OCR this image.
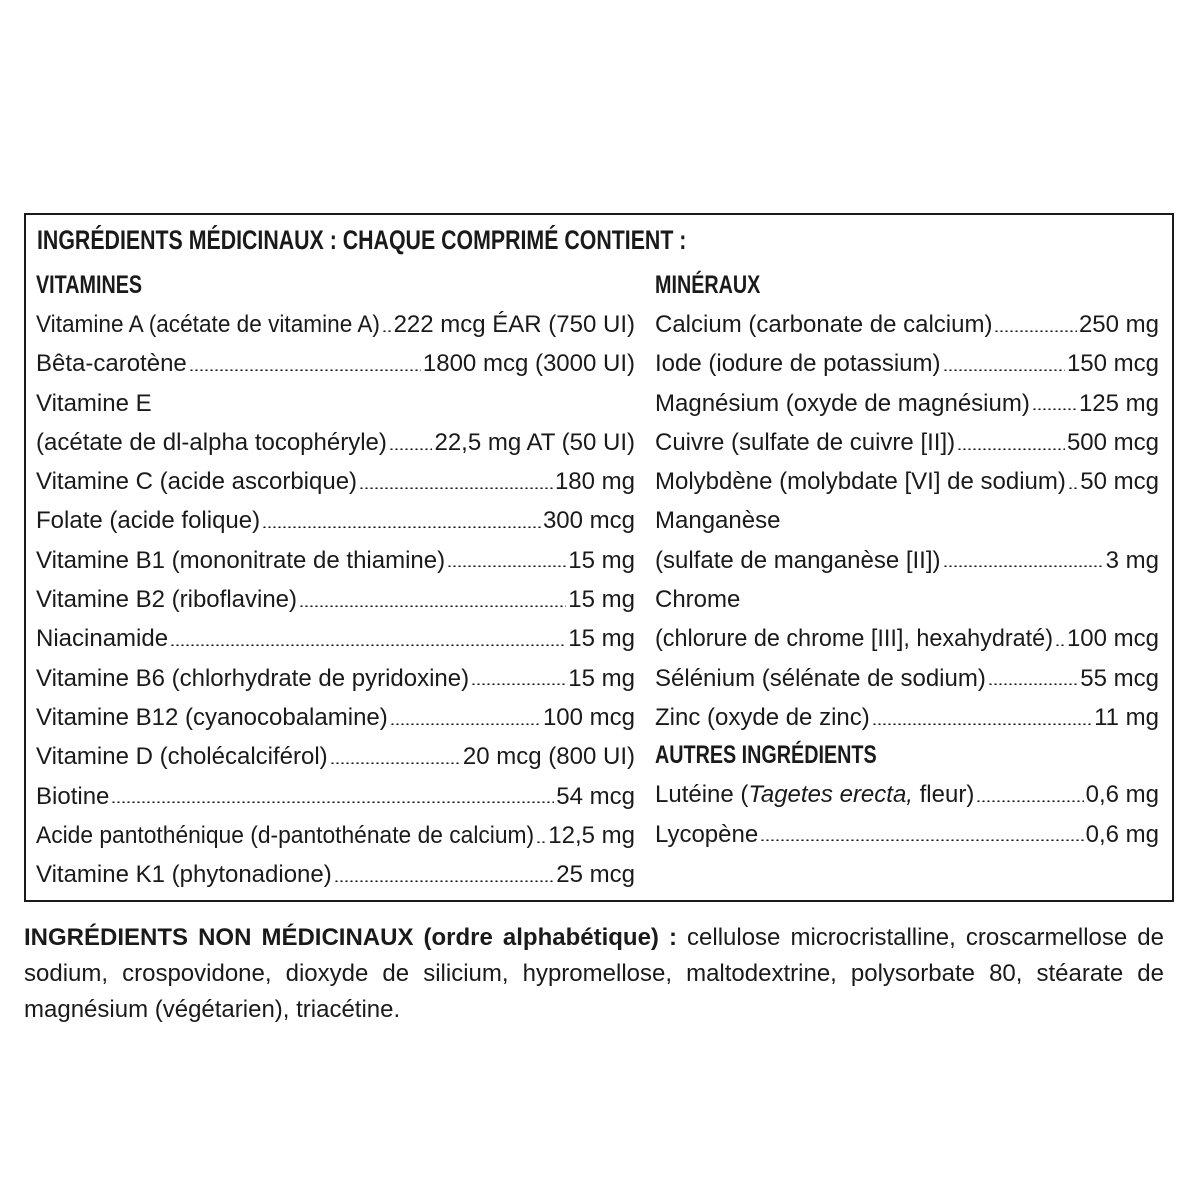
INGRÉDIENTS MÉDICINAUX : CHAQUE COMPRIMÉ CONTIENT :
VITAMINES
Vitamine A (acétate de vitamine A) 222 mcg ÉAR (750 UI)
Bêta-carotène	1800 mcg (3000 UI)
Vitamine E
(acétate de dl-alpha tocophéryle) 22,5 mg AT (50 UI)
Vitamine C (acide ascorbique)	180 mg
Folate (acide folique)	300 mcg
Vitamine B1 (mononitrate de thiamine)	15 mg
Vitamine B2 (riboflavine)	15 mg
Niacinamide	15 mg
Vitamine B6 (chlorhydrate de pyridoxine)	15 mg
Vitamine B12 (cyanocobalamine)	100 mcg
Vitamine D (cholécalciférol)	20 mcg (800 UI)
Biotine	54 mcg
Acide pantothénique (d-pantothénate de calcium) 12,5 mg
Vitamine K1 (phytonadione)	25 mcg
MINÉRAUX
Calcium (carbonate de calcium)	250 mg
Iode (iodure de potassium)	150 mcg
Magnésium (oxyde de magnésium) 125 mg
Cuivre (sulfate de cuivre [II])	500 mcg
Molybdène (molybdate [VI] de sodium) 50 mcg
Manganèse
(sulfate de manganèse [II])	3 mg
Chrome
(chlorure de chrome [III], hexahydraté) 100 mcg
Sélénium (sélénate de sodium)	55 mcg
Zinc (oxyde de zinc)	11 mg
AUTRES INGRÉDIENTS
Lutéine (Tagetes erecta, fleur)	0,6 mg
Lycopène	0,6 mg

INGRÉDIENTS NON MÉDICINAUX (ordre alphabétique) : cellulose microcristalline, croscarmellose de sodium, crospovidone, dioxyde de silicium, hypromellose, maltodextrine, polysorbate 80, stéarate de magnésium (végétarien), triacétine.
